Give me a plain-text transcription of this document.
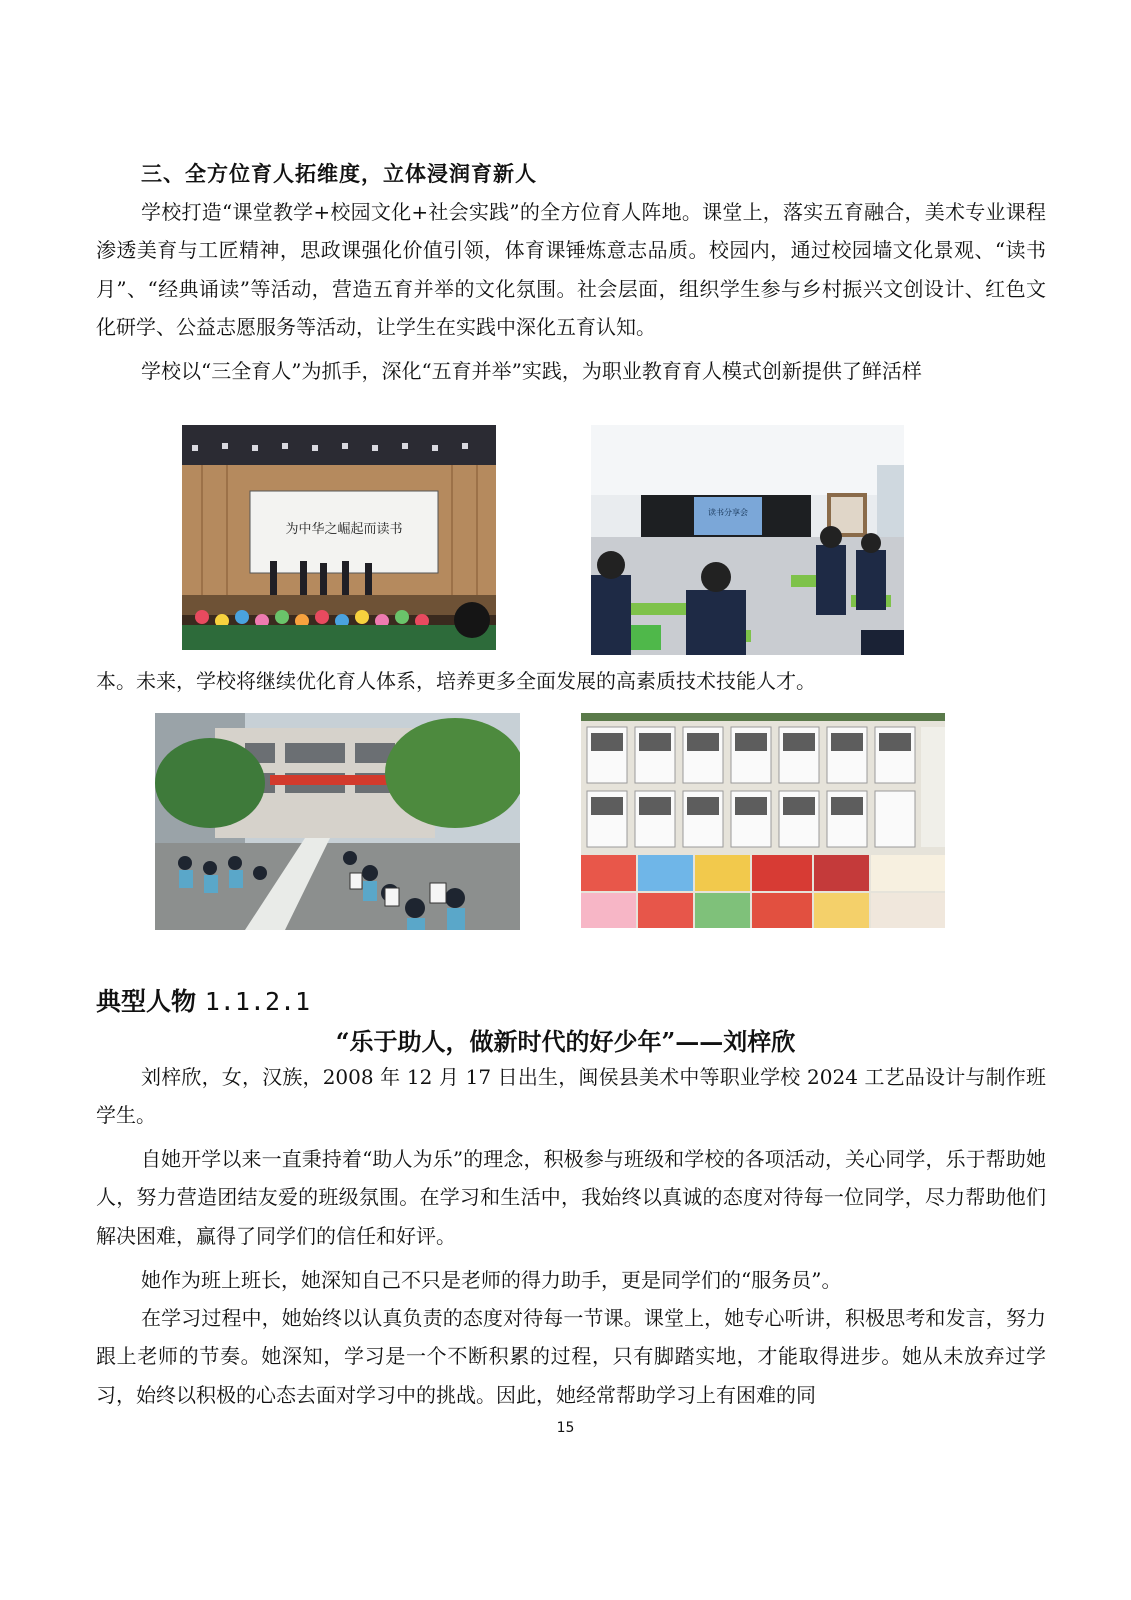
三、全方位育人拓维度，立体浸润育新人

学校打造“课堂教学+校园文化+社会实践”的全方位育人阵地。课堂上，落实五育融合，美术专业课程渗透美育与工匠精神，思政课强化价值引领，体育课锤炼意志品质。校园内，通过校园墙文化景观、“读书月”、“经典诵读”等活动，营造五育并举的文化氛围。社会层面，组织学生参与乡村振兴文创设计、红色文化研学、公益志愿服务等活动，让学生在实践中深化五育认知。

学校以“三全育人”为抓手，深化“五育并举”实践，为职业教育育人模式创新提供了鲜活样

为中华之崛起而读书
读书分享会

本。未来，学校将继续优化育人体系，培养更多全面发展的高素质技术技能人才。

典型人物 1.1.2.1
“乐于助人，做新时代的好少年”——刘梓欣

刘梓欣，女，汉族，2008 年 12 月 17 日出生，闽侯县美术中等职业学校 2024 工艺品设计与制作班学生。

自她开学以来一直秉持着“助人为乐”的理念，积极参与班级和学校的各项活动，关心同学，乐于帮助她人，努力营造团结友爱的班级氛围。在学习和生活中，我始终以真诚的态度对待每一位同学，尽力帮助他们解决困难，赢得了同学们的信任和好评。

她作为班上班长，她深知自己不只是老师的得力助手，更是同学们的“服务员”。

在学习过程中，她始终以认真负责的态度对待每一节课。课堂上，她专心听讲，积极思考和发言，努力跟上老师的节奏。她深知，学习是一个不断积累的过程，只有脚踏实地，才能取得进步。她从未放弃过学习，始终以积极的心态去面对学习中的挑战。因此，她经常帮助学习上有困难的同

15
